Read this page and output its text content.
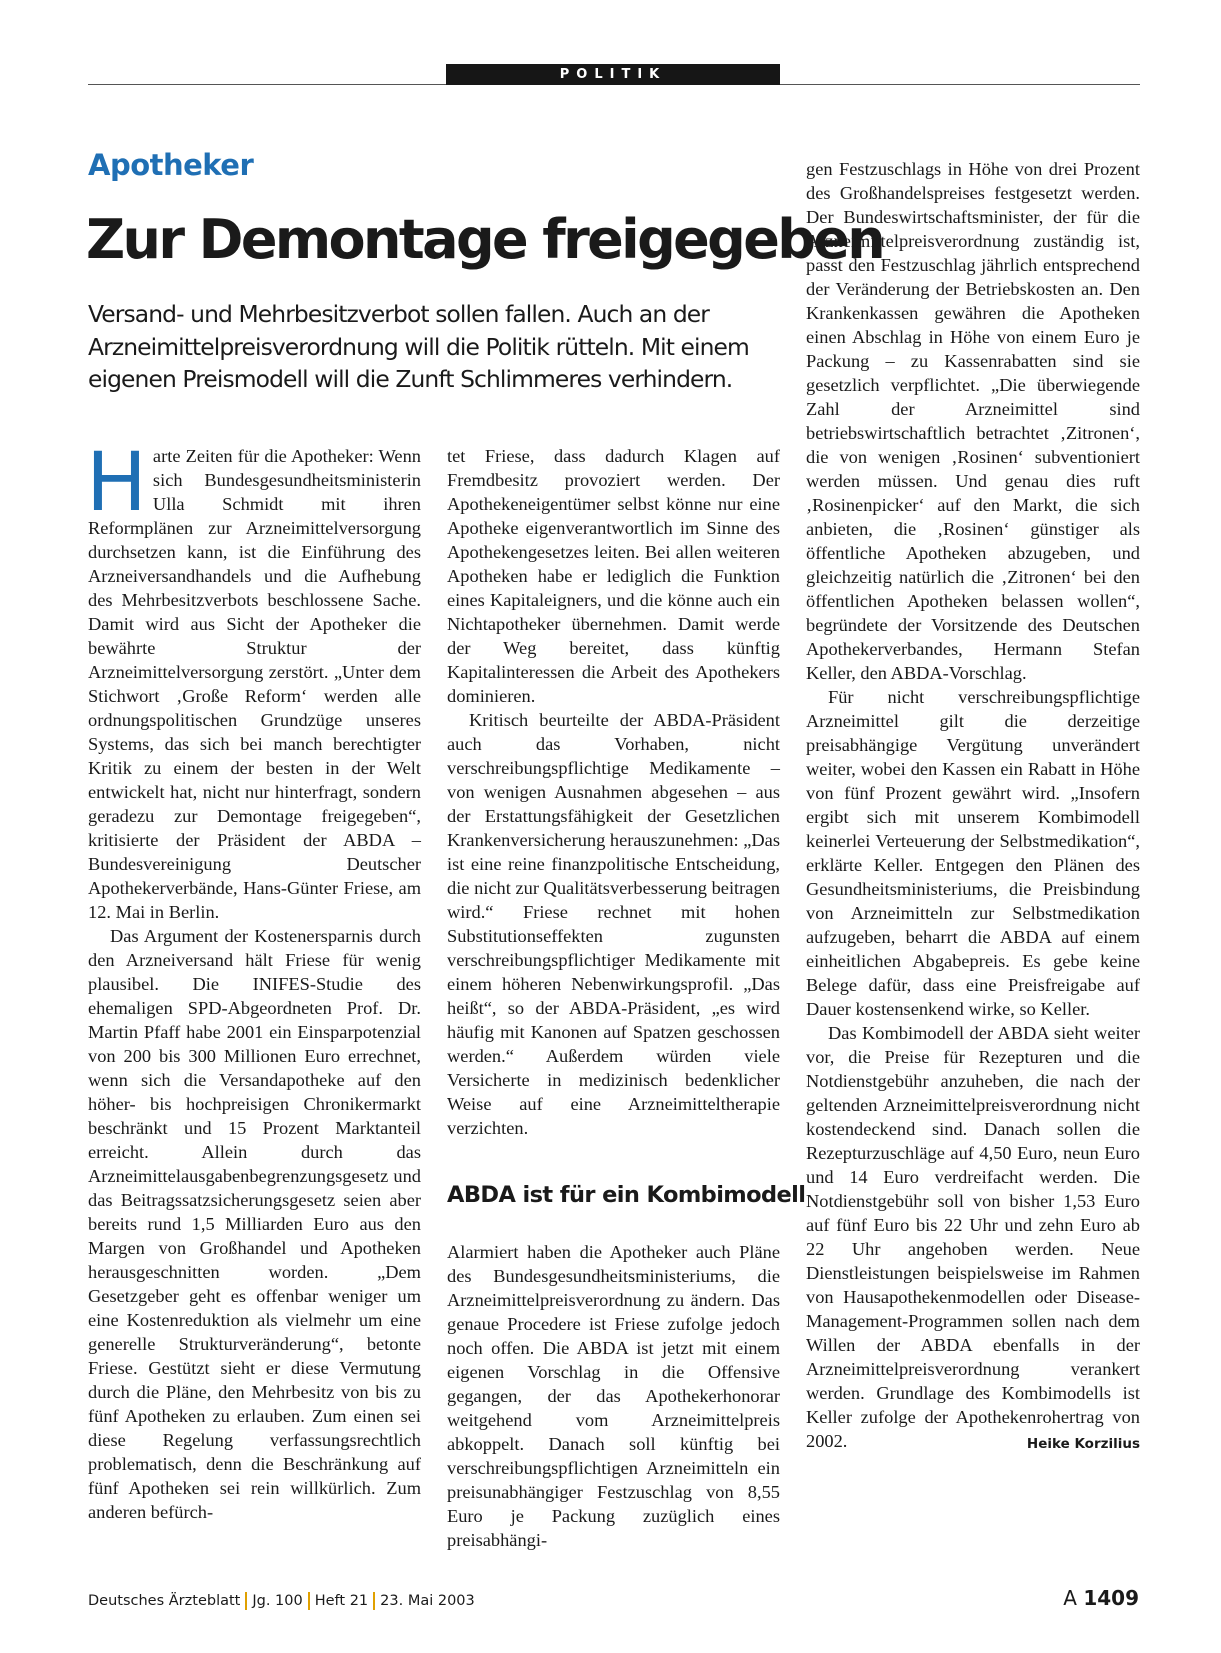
POLITIK
Apotheker
Zur Demontage freigegeben
Versand- und Mehrbesitzverbot sollen fallen. Auch an der
Arzneimittelpreisverordnung will die Politik rütteln. Mit einem
eigenen Preismodell will die Zunft Schlimmeres verhindern.

Harte Zeiten für die Apotheker: Wenn sich Bundesgesundheitsministerin Ulla Schmidt mit ihren Reformplänen zur Arzneimittelversorgung durchsetzen kann, ist die Einführung des Arzneiversandhandels und die Aufhebung des Mehrbesitzverbots beschlossene Sache. Damit wird aus Sicht der Apotheker die bewährte Struktur der Arzneimittelversorgung zerstört. „Unter dem Stichwort ‚Große Reform‘ werden alle ordnungspolitischen Grundzüge unseres Systems, das sich bei manch berechtigter Kritik zu einem der besten in der Welt entwickelt hat, nicht nur hinterfragt, sondern geradezu zur Demontage freigegeben“, kritisierte der Präsident der ABDA – Bundesvereinigung Deutscher Apothekerverbände, Hans-Günter Friese, am 12. Mai in Berlin.

Das Argument der Kostenersparnis durch den Arzneiversand hält Friese für wenig plausibel. Die INIFES-Studie des ehemaligen SPD-Abgeordneten Prof. Dr. Martin Pfaff habe 2001 ein Einsparpotenzial von 200 bis 300 Millionen Euro errechnet, wenn sich die Versandapotheke auf den höher- bis hochpreisigen Chronikermarkt beschränkt und 15 Prozent Marktanteil erreicht. Allein durch das Arzneimittelausgabenbegrenzungsgesetz und das Beitragssatzsicherungsgesetz seien aber bereits rund 1,5 Milliarden Euro aus den Margen von Großhandel und Apotheken herausgeschnitten worden. „Dem Gesetzgeber geht es offenbar weniger um eine Kostenreduktion als vielmehr um eine generelle Strukturveränderung“, betonte Friese. Gestützt sieht er diese Vermutung durch die Pläne, den Mehrbesitz von bis zu fünf Apotheken zu erlauben. Zum einen sei diese Regelung verfassungsrechtlich problematisch, denn die Beschränkung auf fünf Apotheken sei rein willkürlich. Zum anderen befürch-

tet Friese, dass dadurch Klagen auf Fremdbesitz provoziert werden. Der Apothekeneigentümer selbst könne nur eine Apotheke eigenverantwortlich im Sinne des Apothekengesetzes leiten. Bei allen weiteren Apotheken habe er lediglich die Funktion eines Kapitaleigners, und die könne auch ein Nichtapotheker übernehmen. Damit werde der Weg bereitet, dass künftig Kapitalinteressen die Arbeit des Apothekers dominieren.

Kritisch beurteilte der ABDA-Präsident auch das Vorhaben, nicht verschreibungspflichtige Medikamente – von wenigen Ausnahmen abgesehen – aus der Erstattungsfähigkeit der Gesetzlichen Krankenversicherung herauszunehmen: „Das ist eine reine finanzpolitische Entscheidung, die nicht zur Qualitätsverbesserung beitragen wird.“ Friese rechnet mit hohen Substitutionseffekten zugunsten verschreibungspflichtiger Medikamente mit einem höheren Nebenwirkungsprofil. „Das heißt“, so der ABDA-Präsident, „es wird häufig mit Kanonen auf Spatzen geschossen werden.“ Außerdem würden viele Versicherte in medizinisch bedenklicher Weise auf eine Arzneimitteltherapie verzichten.

ABDA ist für ein Kombimodell

Alarmiert haben die Apotheker auch Pläne des Bundesgesundheitsministeriums, die Arzneimittelpreisverordnung zu ändern. Das genaue Procedere ist Friese zufolge jedoch noch offen. Die ABDA ist jetzt mit einem eigenen Vorschlag in die Offensive gegangen, der das Apothekerhonorar weitgehend vom Arzneimittelpreis abkoppelt. Danach soll künftig bei verschreibungspflichtigen Arzneimitteln ein preisunabhängiger Festzuschlag von 8,55 Euro je Packung zuzüglich eines preisabhängi-

gen Festzuschlags in Höhe von drei Prozent des Großhandelspreises festgesetzt werden. Der Bundeswirtschaftsminister, der für die Arzneimittelpreisverordnung zuständig ist, passt den Festzuschlag jährlich entsprechend der Veränderung der Betriebskosten an. Den Krankenkassen gewähren die Apotheken einen Abschlag in Höhe von einem Euro je Packung – zu Kassenrabatten sind sie gesetzlich verpflichtet. „Die überwiegende Zahl der Arzneimittel sind betriebswirtschaftlich betrachtet ‚Zitronen‘, die von wenigen ‚Rosinen‘ subventioniert werden müssen. Und genau dies ruft ‚Rosinenpicker‘ auf den Markt, die sich anbieten, die ‚Rosinen‘ günstiger als öffentliche Apotheken abzugeben, und gleichzeitig natürlich die ‚Zitronen‘ bei den öffentlichen Apotheken belassen wollen“, begründete der Vorsitzende des Deutschen Apothekerverbandes, Hermann Stefan Keller, den ABDA-Vorschlag.

Für nicht verschreibungspflichtige Arzneimittel gilt die derzeitige preisabhängige Vergütung unverändert weiter, wobei den Kassen ein Rabatt in Höhe von fünf Prozent gewährt wird. „Insofern ergibt sich mit unserem Kombimodell keinerlei Verteuerung der Selbstmedikation“, erklärte Keller. Entgegen den Plänen des Gesundheitsministeriums, die Preisbindung von Arzneimitteln zur Selbstmedikation aufzugeben, beharrt die ABDA auf einem einheitlichen Abgabepreis. Es gebe keine Belege dafür, dass eine Preisfreigabe auf Dauer kostensenkend wirke, so Keller.

Das Kombimodell der ABDA sieht weiter vor, die Preise für Rezepturen und die Notdienstgebühr anzuheben, die nach der geltenden Arzneimittelpreisverordnung nicht kostendeckend sind. Danach sollen die Rezepturzuschläge auf 4,50 Euro, neun Euro und 14 Euro verdreifacht werden. Die Notdienstgebühr soll von bisher 1,53 Euro auf fünf Euro bis 22 Uhr und zehn Euro ab 22 Uhr angehoben werden. Neue Dienstleistungen beispielsweise im Rahmen von Hausapothekenmodellen oder Disease-Management-Programmen sollen nach dem Willen der ABDA ebenfalls in der Arzneimittelpreisverordnung verankert werden. Grundlage des Kombimodells ist Keller zufolge der Apothekenrohertrag von 2002.	Heike Korzilius

Deutsches Ärzteblatt Jg. 100 Heft 21 23. Mai 2003	A 1409
